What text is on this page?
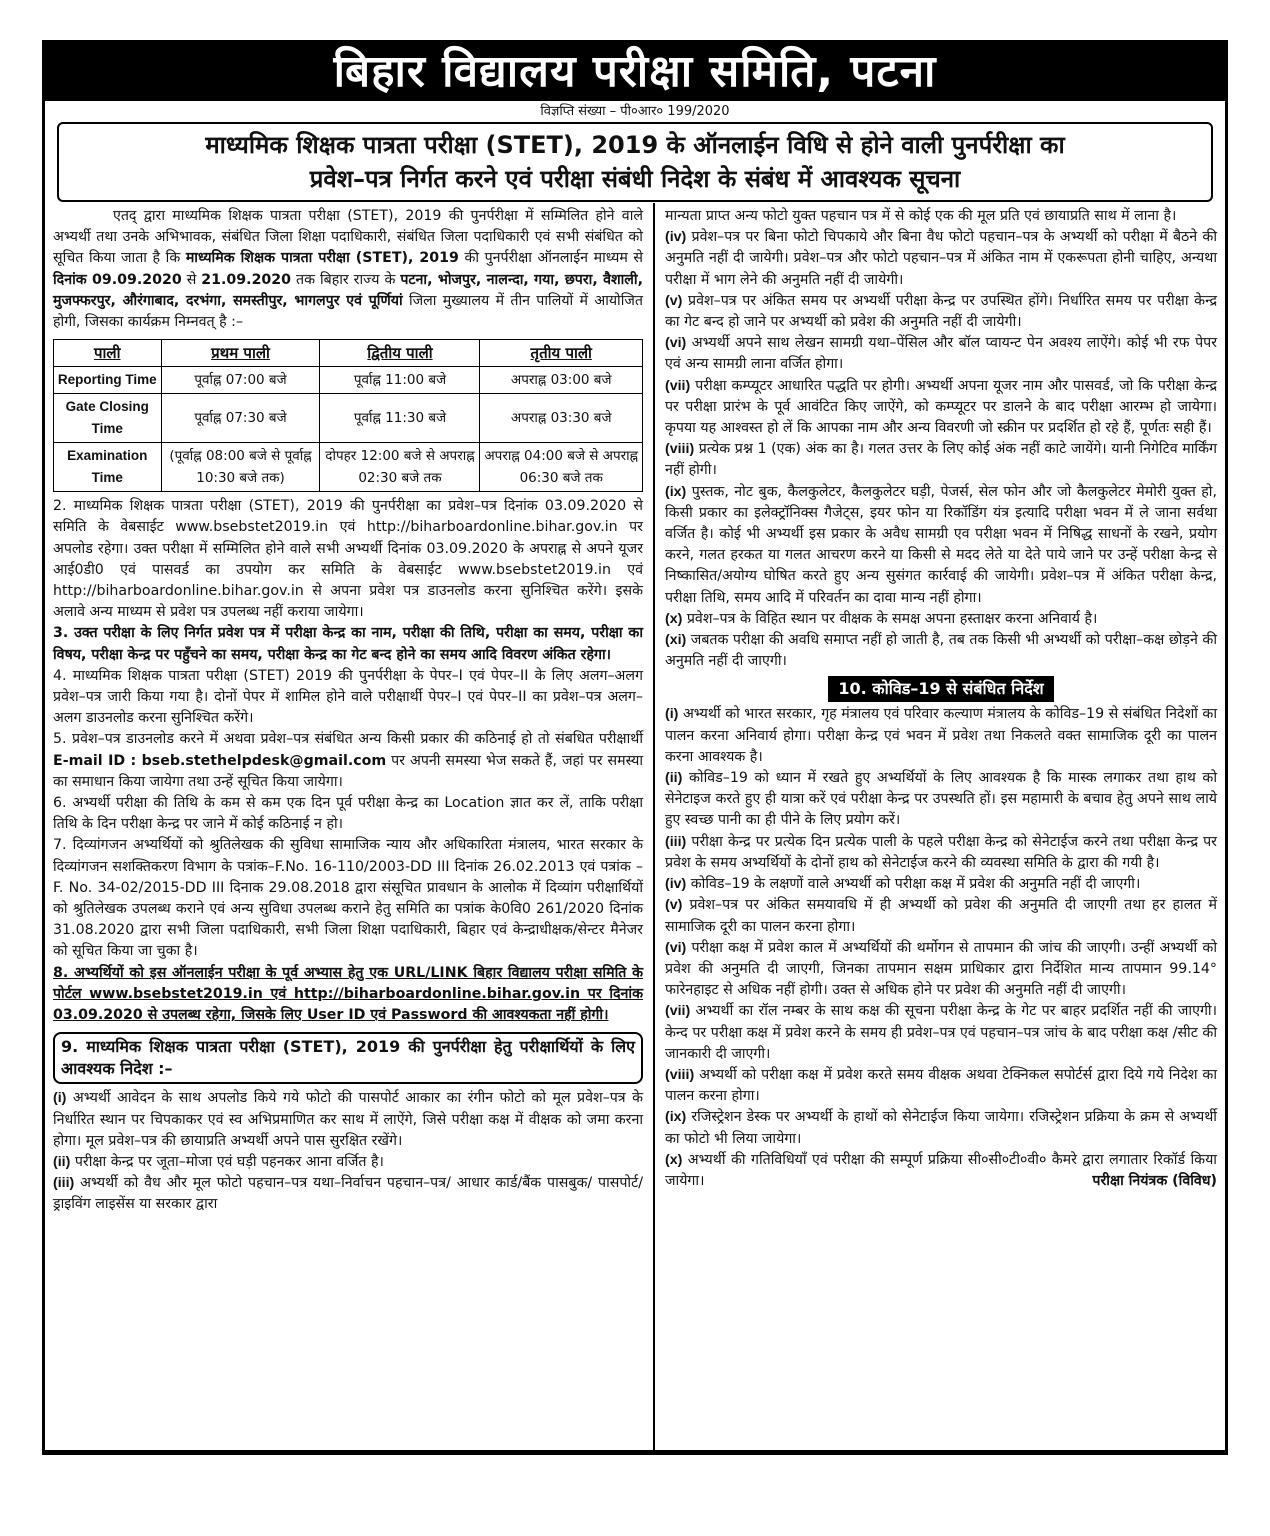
बिहार विद्यालय परीक्षा समिति, पटना
विज्ञप्ति संख्या – पी०आर० 199/2020
माध्यमिक शिक्षक पात्रता परीक्षा (STET), 2019 के ऑनलाईन विधि से होने वाली पुनर्परीक्षा का
प्रवेश–पत्र निर्गत करने एवं परीक्षा संबंधी निदेश के संबंध में आवश्यक सूचना

एतद् द्वारा माध्यमिक शिक्षक पात्रता परीक्षा (STET), 2019 की पुनर्परीक्षा में सम्मिलित होने वाले अभ्यर्थी तथा उनके अभिभावक, संबंधित जिला शिक्षा पदाधिकारी, संबंधित जिला पदाधिकारी एवं सभी संबंधित को सूचित किया जाता है कि माध्यमिक शिक्षक पात्रता परीक्षा (STET), 2019 की पुनर्परीक्षा ऑनलाईन माध्यम से दिनांक 09.09.2020 से 21.09.2020 तक बिहार राज्य के पटना, भोजपुर, नालन्दा, गया, छपरा, वैशाली, मुजफ्फरपुर, औरंगाबाद, दरभंगा, समस्तीपुर, भागलपुर एवं पूर्णियां जिला मुख्यालय में तीन पालियों में आयोजित होगी, जिसका कार्यक्रम निम्नवत् है :–

पाली	प्रथम पाली	द्वितीय पाली	तृतीय पाली
Reporting Time	पूर्वाह्न 07:00 बजे	पूर्वाह्न 11:00 बजे	अपराह्न 03:00 बजे
Gate Closing Time	पूर्वाह्न 07:30 बजे	पूर्वाह्न 11:30 बजे	अपराह्न 03:30 बजे
Examination Time	(पूर्वाह्न 08:00 बजे से पूर्वाह्न 10:30 बजे तक)	दोपहर 12:00 बजे से अपराह्न 02:30 बजे तक	अपराह्न 04:00 बजे से अपराह्न 06:30 बजे तक

2. माध्यमिक शिक्षक पात्रता परीक्षा (STET), 2019 की पुनर्परीक्षा का प्रवेश–पत्र दिनांक 03.09.2020 से समिति के वेबसाईट www.bsebstet2019.in एवं http://biharboardonline.bihar.gov.in पर अपलोड रहेगा। उक्त परीक्षा में सम्मिलित होने वाले सभी अभ्यर्थी दिनांक 03.09.2020 के अपराह्न से अपने यूजर आई0डी0 एवं पासवर्ड का उपयोग कर समिति के वेबसाईट www.bsebstet2019.in एवं http://biharboardonline.bihar.gov.in से अपना प्रवेश पत्र डाउनलोड करना सुनिश्चित करेंगे। इसके अलावे अन्य माध्यम से प्रवेश पत्र उपलब्ध नहीं कराया जायेगा।

3. उक्त परीक्षा के लिए निर्गत प्रवेश पत्र में परीक्षा केन्द्र का नाम, परीक्षा की तिथि, परीक्षा का समय, परीक्षा का विषय, परीक्षा केन्द्र पर पहुँचने का समय, परीक्षा केन्द्र का गेट बन्द होने का समय आदि विवरण अंकित रहेगा।

4. माध्यमिक शिक्षक पात्रता परीक्षा (STET) 2019 की पुनर्परीक्षा के पेपर–I एवं पेपर–II के लिए अलग–अलग प्रवेश–पत्र जारी किया गया है। दोनों पेपर में शामिल होने वाले परीक्षार्थी पेपर–I एवं पेपर–II का प्रवेश–पत्र अलग–अलग डाउनलोड करना सुनिश्चित करेंगे।

5. प्रवेश–पत्र डाउनलोड करने में अथवा प्रवेश–पत्र संबंधित अन्य किसी प्रकार की कठिनाई हो तो संबधित परीक्षार्थी E-mail ID : bseb.stethelpdesk@gmail.com पर अपनी समस्या भेज सकते हैं, जहां पर समस्या का समाधान किया जायेगा तथा उन्हें सूचित किया जायेगा।

6. अभ्यर्थी परीक्षा की तिथि के कम से कम एक दिन पूर्व परीक्षा केन्द्र का Location ज्ञात कर लें, ताकि परीक्षा तिथि के दिन परीक्षा केन्द्र पर जाने में कोई कठिनाई न हो।

7. दिव्यांगजन अभ्यर्थियों को श्रुतिलेखक की सुविधा सामाजिक न्याय और अधिकारिता मंत्रालय, भारत सरकार के दिव्यांगजन सशक्तिकरण विभाग के पत्रांक–F.No. 16-110/2003-DD III दिनांक 26.02.2013 एवं पत्रांक –F. No. 34-02/2015-DD III दिनाक 29.08.2018 द्वारा संसूचित प्रावधान के आलोक में दिव्यांग परीक्षार्थियों को श्रुतिलेखक उपलब्ध कराने एवं अन्य सुविधा उपलब्ध कराने हेतु समिति का पत्रांक के0वि0 261/2020 दिनांक 31.08.2020 द्वारा सभी जिला पदाधिकारी, सभी जिला शिक्षा पदाधिकारी, बिहार एवं केन्द्राधीक्षक/सेन्टर मैनेजर को सूचित किया जा चुका है।

8. अभ्यर्थियों को इस ऑनलाईन परीक्षा के पूर्व अभ्यास हेतु एक URL/LINK बिहार विद्यालय परीक्षा समिति के पोर्टल www.bsebstet2019.in एवं http://biharboardonline.bihar.gov.in पर दिनांक 03.09.2020 से उपलब्ध रहेगा, जिसके लिए User ID एवं Password की आवश्यकता नहीं होगी।

9. माध्यमिक शिक्षक पात्रता परीक्षा (STET), 2019 की पुनर्परीक्षा हेतु परीक्षार्थियों के लिए आवश्यक निदेश :–

(i) अभ्यर्थी आवेदन के साथ अपलोड किये गये फोटो की पासपोर्ट आकार का रंगीन फोटो को मूल प्रवेश–पत्र के निर्धारित स्थान पर चिपकाकर एवं स्व अभिप्रमाणित कर साथ में लाऐंगे, जिसे परीक्षा कक्ष में वीक्षक को जमा करना होगा। मूल प्रवेश–पत्र की छायाप्रति अभ्यर्थी अपने पास सुरक्षित रखेंगे।

(ii) परीक्षा केन्द्र पर जूता–मोजा एवं घड़ी पहनकर आना वर्जित है।

(iii) अभ्यर्थी को वैध और मूल फोटो पहचान–पत्र यथा–निर्वाचन पहचान–पत्र/ आधार कार्ड/बैंक पासबुक/ पासपोर्ट/ ड्राइविंग लाइसेंस या सरकार द्वारा

मान्यता प्राप्त अन्य फोटो युक्त पहचान पत्र में से कोई एक की मूल प्रति एवं छायाप्रति साथ में लाना है।

(iv) प्रवेश–पत्र पर बिना फोटो चिपकाये और बिना वैध फोटो पहचान–पत्र के अभ्यर्थी को परीक्षा में बैठने की अनुमति नहीं दी जायेगी। प्रवेश–पत्र और फोटो पहचान–पत्र में अंकित नाम में एकरूपता होनी चाहिए, अन्यथा परीक्षा में भाग लेने की अनुमति नहीं दी जायेगी।

(v) प्रवेश–पत्र पर अंकित समय पर अभ्यर्थी परीक्षा केन्द्र पर उपस्थित होंगे। निर्धारित समय पर परीक्षा केन्द्र का गेट बन्द हो जाने पर अभ्यर्थी को प्रवेश की अनुमति नहीं दी जायेगी।

(vi) अभ्यर्थी अपने साथ लेखन सामग्री यथा–पेंसिल और बॉल प्वायन्ट पेन अवश्य लाऐंगे। कोई भी रफ पेपर एवं अन्य सामग्री लाना वर्जित होगा।

(vii) परीक्षा कम्प्यूटर आधारित पद्धति पर होगी। अभ्यर्थी अपना यूजर नाम और पासवर्ड, जो कि परीक्षा केन्द्र पर परीक्षा प्रारंभ के पूर्व आवंटित किए जाऐंगे, को कम्प्यूटर पर डालने के बाद परीक्षा आरम्भ हो जायेगा। कृपया यह आश्वस्त हो लें कि आपका नाम और अन्य विवरणी जो स्क्रीन पर प्रदर्शित हो रहे हैं, पूर्णतः सही हैं।

(viii) प्रत्येक प्रश्न 1 (एक) अंक का है। गलत उत्तर के लिए कोई अंक नहीं काटे जायेंगे। यानी निगेटिव मार्किंग नहीं होगी।

(ix) पुस्तक, नोट बुक, कैलकुलेटर, कैलकुलेटर घड़ी, पेजर्स, सेल फोन और जो कैलकुलेटर मेमोरी युक्त हो, किसी प्रकार का इलेक्ट्रॉनिक्स गैजेट्स, इयर फोन या रिकॉडिंग यंत्र इत्यादि परीक्षा भवन में ले जाना सर्वथा वर्जित है। कोई भी अभ्यर्थी इस प्रकार के अवैध सामग्री एव परीक्षा भवन में निषिद्ध साधनों के रखने, प्रयोग करने, गलत हरकत या गलत आचरण करने या किसी से मदद लेते या देते पाये जाने पर उन्हें परीक्षा केन्द्र से निष्कासित/अयोग्य घोषित करते हुए अन्य सुसंगत कार्रवाई की जायेगी। प्रवेश–पत्र में अंकित परीक्षा केन्द्र, परीक्षा तिथि, समय आदि में परिवर्तन का दावा मान्य नहीं होगा।

(x) प्रवेश–पत्र के विहित स्थान पर वीक्षक के समक्ष अपना हस्ताक्षर करना अनिवार्य है।

(xi) जबतक परीक्षा की अवधि समाप्त नहीं हो जाती है, तब तक किसी भी अभ्यर्थी को परीक्षा–कक्ष छोड़ने की अनुमति नहीं दी जाएगी।

10. कोविड–19 से संबंधित निर्देश

(i) अभ्यर्थी को भारत सरकार, गृह मंत्रालय एवं परिवार कल्याण मंत्रालय के कोविड–19 से संबंधित निदेशों का पालन करना अनिवार्य होगा। परीक्षा केन्द्र एवं भवन में प्रवेश तथा निकलते वक्त सामाजिक दूरी का पालन करना आवश्यक है।

(ii) कोविड–19 को ध्यान में रखते हुए अभ्यर्थियों के लिए आवश्यक है कि मास्क लगाकर तथा हाथ को सेनेटाइज करते हुए ही यात्रा करें एवं परीक्षा केन्द्र पर उपस्थति हों। इस महामारी के बचाव हेतु अपने साथ लाये हुए स्वच्छ पानी का ही पीने के लिए प्रयोग करें।

(iii) परीक्षा केन्द्र पर प्रत्येक दिन प्रत्येक पाली के पहले परीक्षा केन्द्र को सेनेटाईज करने तथा परीक्षा केन्द्र पर प्रवेश के समय अभ्यर्थियों के दोनों हाथ को सेनेटाईज करने की व्यवस्था समिति के द्वारा की गयी है।

(iv) कोविड–19 के लक्षणों वाले अभ्यर्थी को परीक्षा कक्ष में प्रवेश की अनुमति नहीं दी जाएगी।

(v) प्रवेश–पत्र पर अंकित समयावधि में ही अभ्यर्थी को प्रवेश की अनुमति दी जाएगी तथा हर हालत में सामाजिक दूरी का पालन करना होगा।

(vi) परीक्षा कक्ष में प्रवेश काल में अभ्यर्थियों की थर्मोगन से तापमान की जांच की जाएगी। उन्हीं अभ्यर्थी को प्रवेश की अनुमति दी जाएगी, जिनका तापमान सक्षम प्राधिकार द्वारा निर्देशित मान्य तापमान 99.14° फारेनहाइट से अधिक नहीं होगी। उक्त से अधिक होने पर प्रवेश की अनुमति नहीं दी जाएगी।

(vii) अभ्यर्थी का रॉल नम्बर के साथ कक्ष की सूचना परीक्षा केन्द्र के गेट पर बाहर प्रदर्शित नहीं की जाएगी। केन्द पर परीक्षा कक्ष में प्रवेश करने के समय ही प्रवेश–पत्र एवं पहचान–पत्र जांच के बाद परीक्षा कक्ष /सीट की जानकारी दी जाएगी।

(viii) अभ्यर्थी को परीक्षा कक्ष में प्रवेश करते समय वीक्षक अथवा टेक्निकल सपोर्टर्स द्वारा दिये गये निदेश का पालन करना होगा।

(ix) रजिस्ट्रेशन डेस्क पर अभ्यर्थी के हाथों को सेनेटाईज किया जायेगा। रजिस्ट्रेशन प्रक्रिया के क्रम से अभ्यर्थी का फोटो भी लिया जायेगा।

(x) अभ्यर्थी की गतिविधियाँ एवं परीक्षा की सम्पूर्ण प्रक्रिया सी०सी०टी०वी० कैमरे द्वारा लगातार रिकॉर्ड किया जायेगा।	परीक्षा नियंत्रक (विविध)
